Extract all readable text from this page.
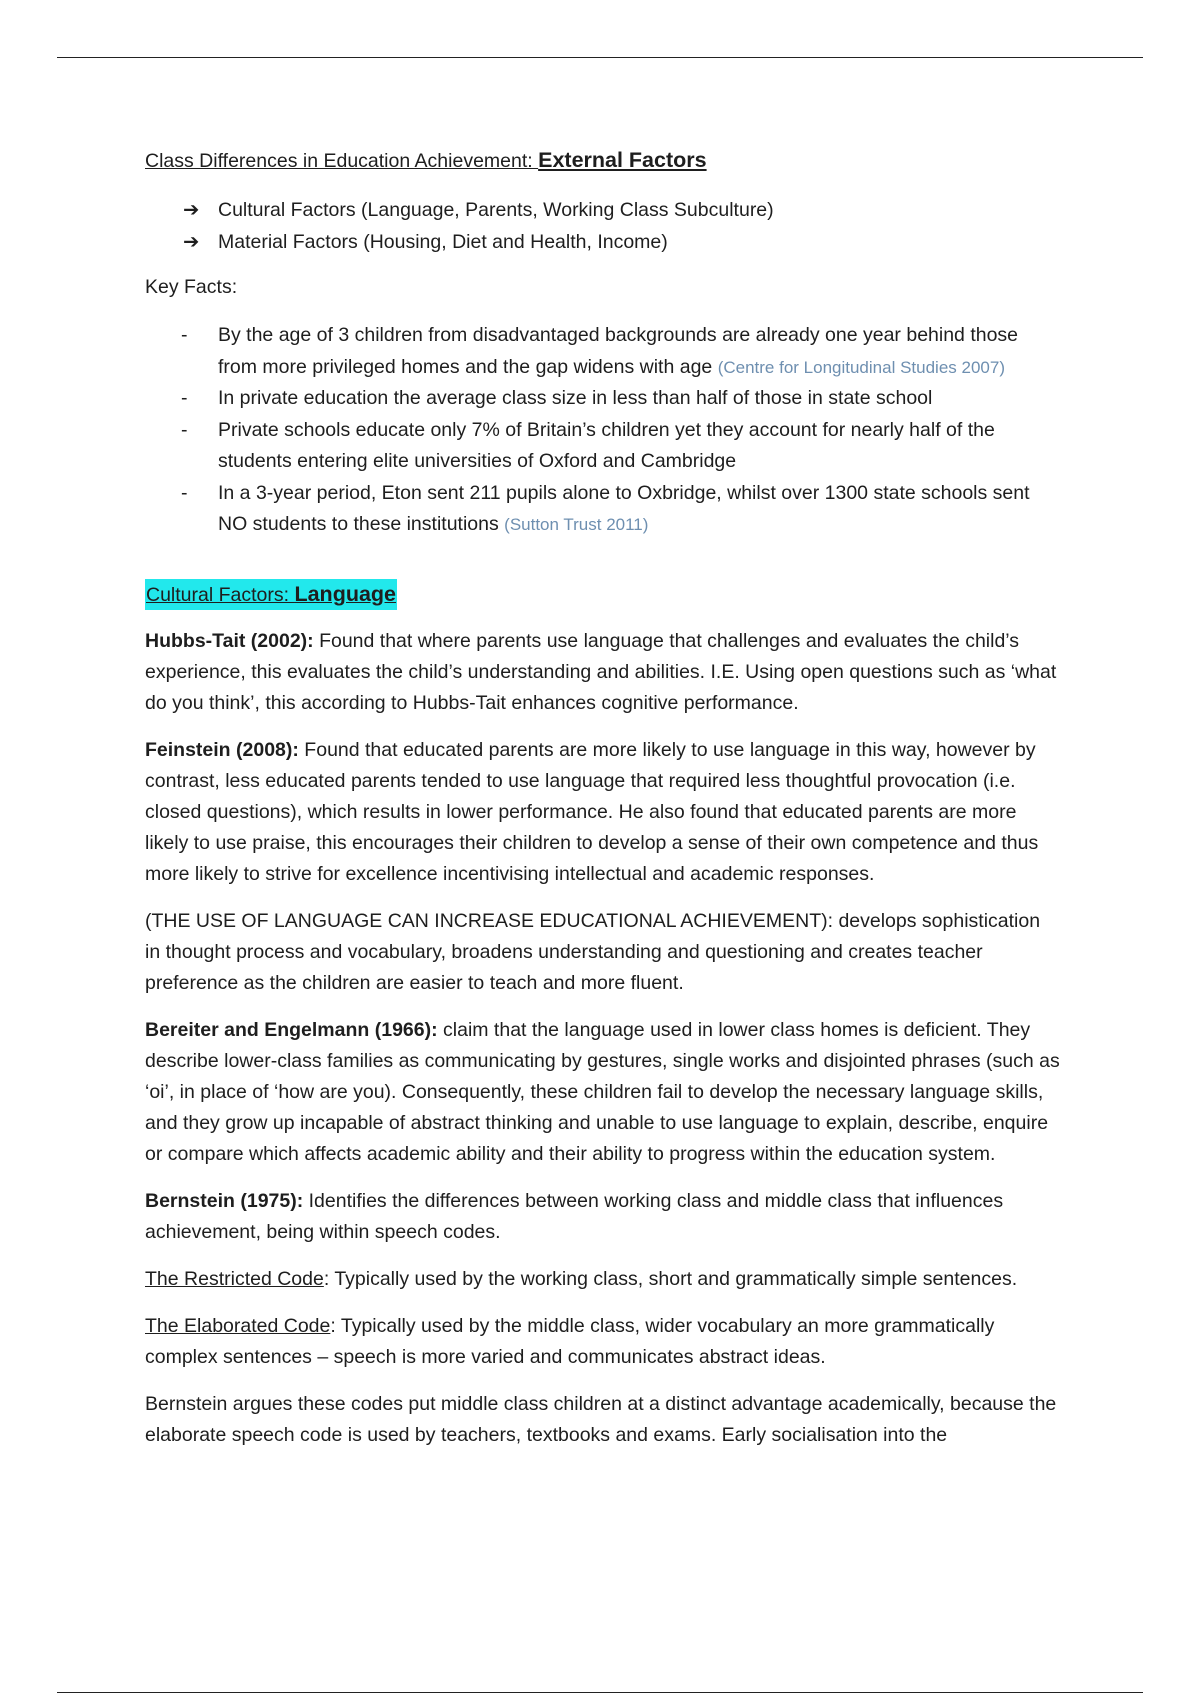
Class Differences in Education Achievement: External Factors
➔ Cultural Factors (Language, Parents, Working Class Subculture)
➔ Material Factors (Housing, Diet and Health, Income)
Key Facts:
- By the age of 3 children from disadvantaged backgrounds are already one year behind those from more privileged homes and the gap widens with age (Centre for Longitudinal Studies 2007)
- In private education the average class size in less than half of those in state school
- Private schools educate only 7% of Britain’s children yet they account for nearly half of the students entering elite universities of Oxford and Cambridge
- In a 3-year period, Eton sent 211 pupils alone to Oxbridge, whilst over 1300 state schools sent NO students to these institutions (Sutton Trust 2011)
Cultural Factors: Language

Hubbs-Tait (2002): Found that where parents use language that challenges and evaluates the child’s experience, this evaluates the child’s understanding and abilities. I.E. Using open questions such as ‘what do you think’, this according to Hubbs-Tait enhances cognitive performance.

Feinstein (2008): Found that educated parents are more likely to use language in this way, however by contrast, less educated parents tended to use language that required less thoughtful provocation (i.e. closed questions), which results in lower performance. He also found that educated parents are more likely to use praise, this encourages their children to develop a sense of their own competence and thus more likely to strive for excellence incentivising intellectual and academic responses.

(THE USE OF LANGUAGE CAN INCREASE EDUCATIONAL ACHIEVEMENT): develops sophistication in thought process and vocabulary, broadens understanding and questioning and creates teacher preference as the children are easier to teach and more fluent.

Bereiter and Engelmann (1966): claim that the language used in lower class homes is deficient. They describe lower-class families as communicating by gestures, single works and disjointed phrases (such as ‘oi’, in place of ‘how are you). Consequently, these children fail to develop the necessary language skills, and they grow up incapable of abstract thinking and unable to use language to explain, describe, enquire or compare which affects academic ability and their ability to progress within the education system.

Bernstein (1975): Identifies the differences between working class and middle class that influences achievement, being within speech codes.

The Restricted Code: Typically used by the working class, short and grammatically simple sentences.

The Elaborated Code: Typically used by the middle class, wider vocabulary an more grammatically complex sentences – speech is more varied and communicates abstract ideas.

Bernstein argues these codes put middle class children at a distinct advantage academically, because the elaborate speech code is used by teachers, textbooks and exams. Early socialisation into the
